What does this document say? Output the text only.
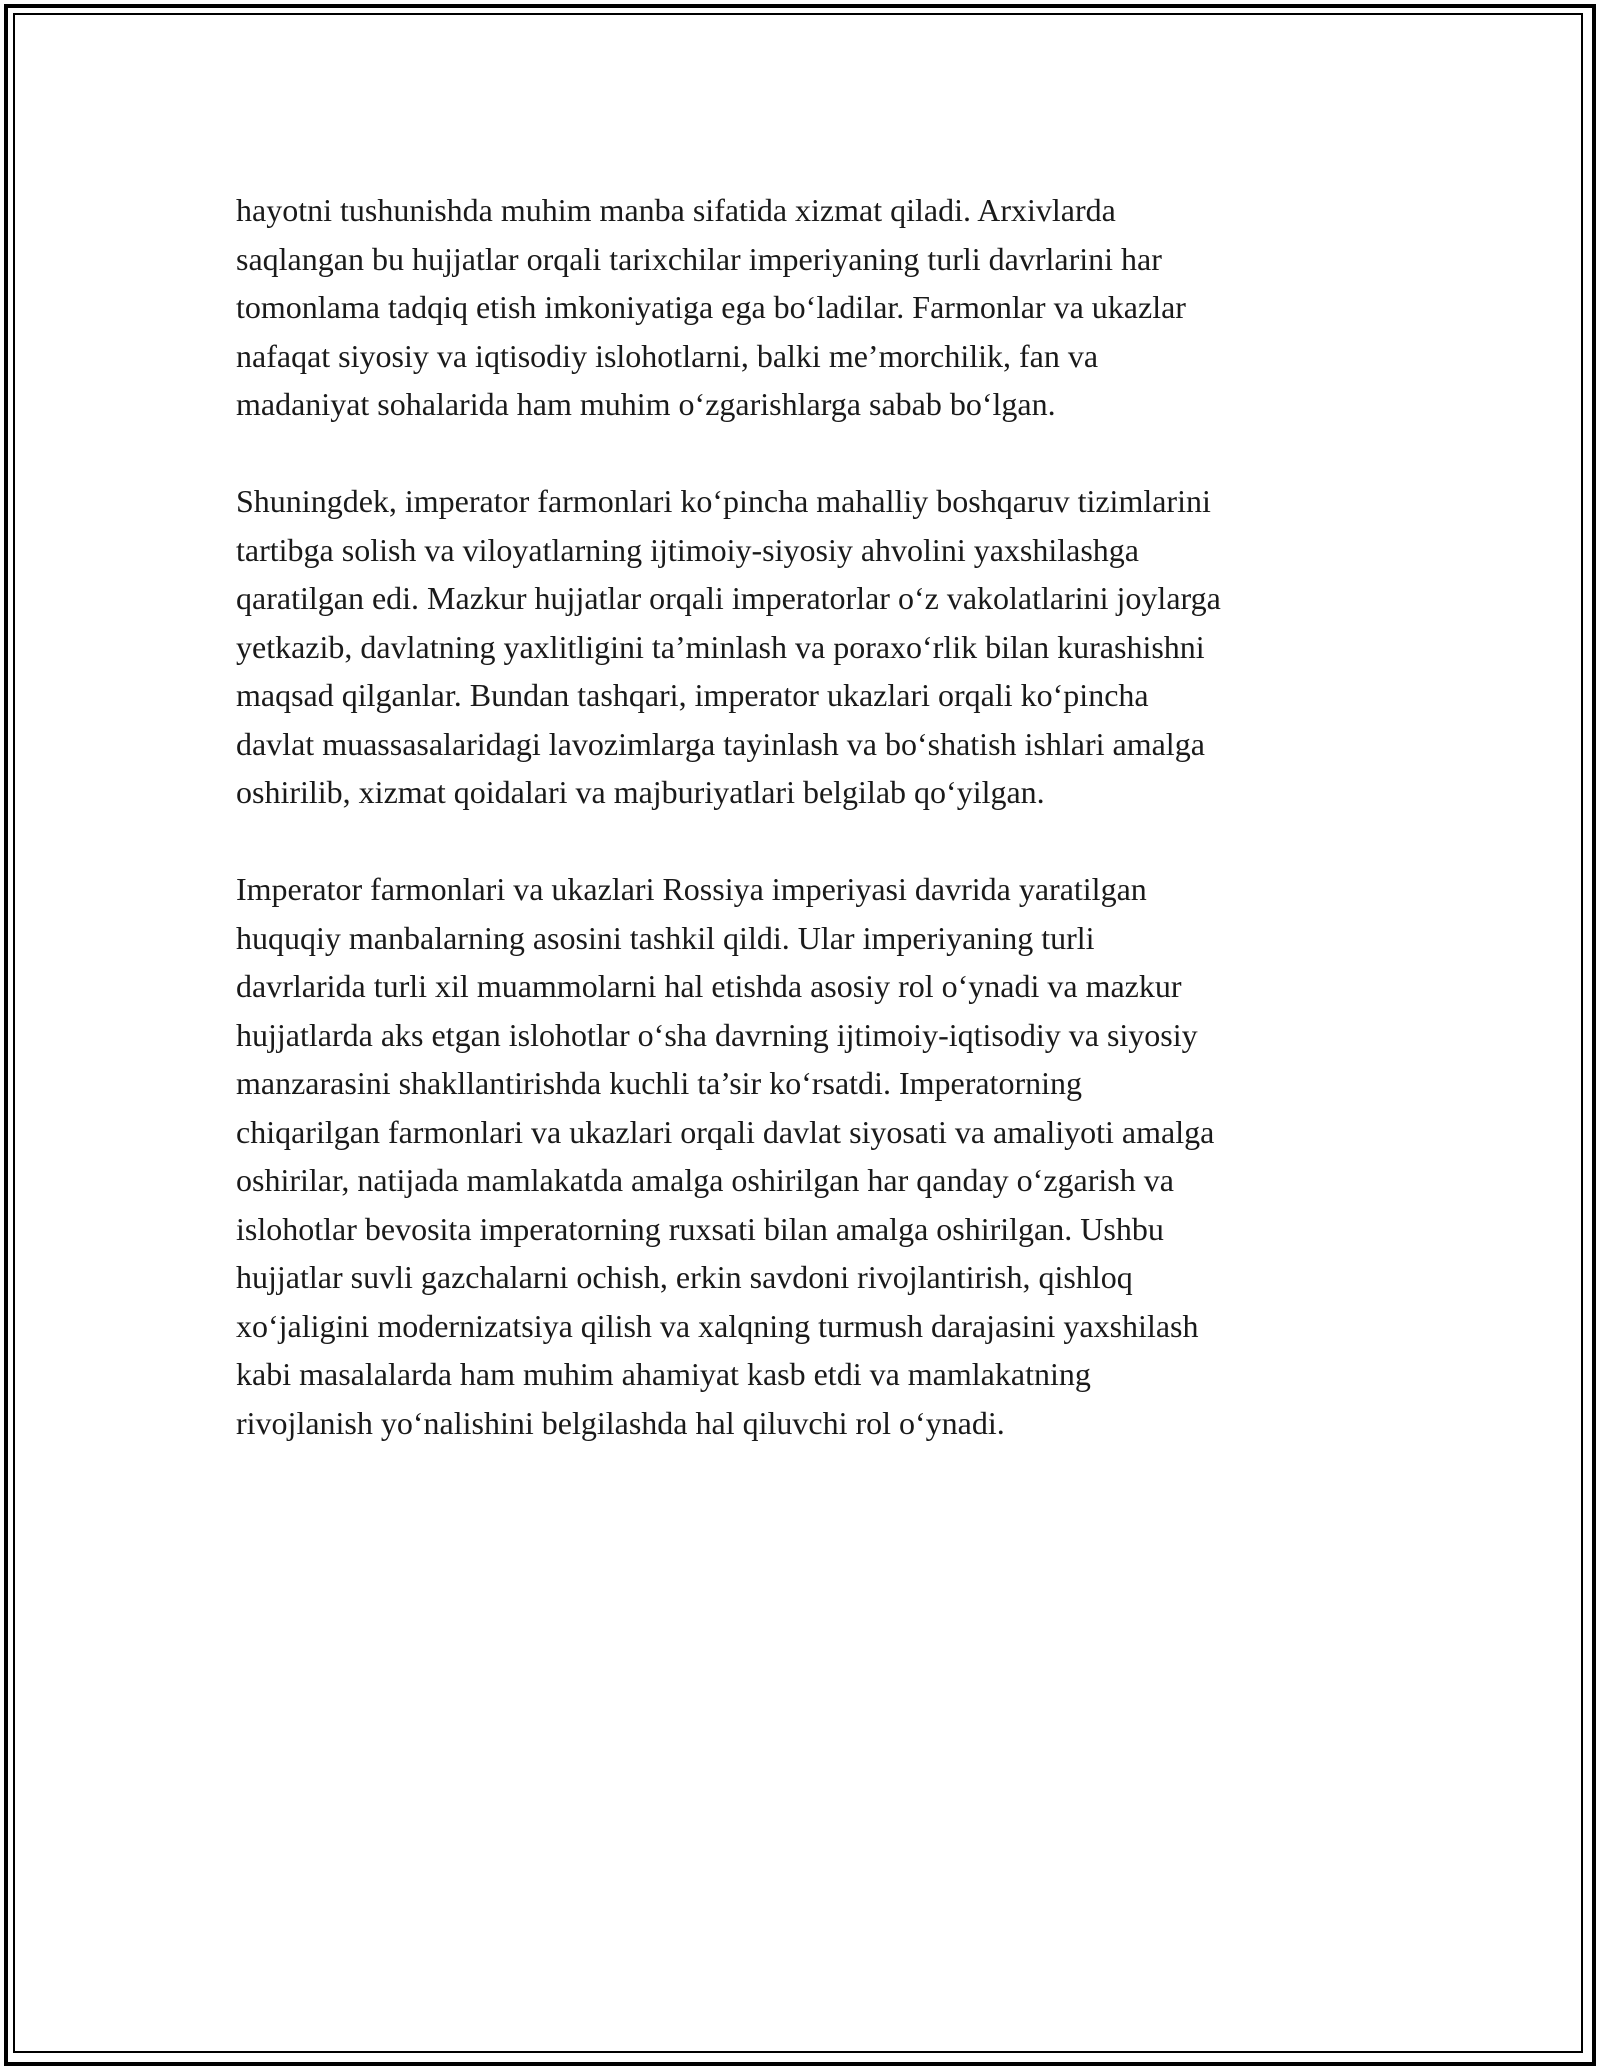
hayotni tushunishda muhim manba sifatida xizmat qiladi. Arxivlarda
saqlangan bu hujjatlar orqali tarixchilar imperiyaning turli davrlarini har
tomonlama tadqiq etish imkoniyatiga ega bo‘ladilar. Farmonlar va ukazlar
nafaqat siyosiy va iqtisodiy islohotlarni, balki me’morchilik, fan va
madaniyat sohalarida ham muhim o‘zgarishlarga sabab bo‘lgan.

Shuningdek, imperator farmonlari ko‘pincha mahalliy boshqaruv tizimlarini
tartibga solish va viloyatlarning ijtimoiy-siyosiy ahvolini yaxshilashga
qaratilgan edi. Mazkur hujjatlar orqali imperatorlar o‘z vakolatlarini joylarga
yetkazib, davlatning yaxlitligini ta’minlash va poraxo‘rlik bilan kurashishni
maqsad qilganlar. Bundan tashqari, imperator ukazlari orqali ko‘pincha
davlat muassasalaridagi lavozimlarga tayinlash va bo‘shatish ishlari amalga
oshirilib, xizmat qoidalari va majburiyatlari belgilab qo‘yilgan.

Imperator farmonlari va ukazlari Rossiya imperiyasi davrida yaratilgan
huquqiy manbalarning asosini tashkil qildi. Ular imperiyaning turli
davrlarida turli xil muammolarni hal etishda asosiy rol o‘ynadi va mazkur
hujjatlarda aks etgan islohotlar o‘sha davrning ijtimoiy-iqtisodiy va siyosiy
manzarasini shakllantirishda kuchli ta’sir ko‘rsatdi. Imperatorning
chiqarilgan farmonlari va ukazlari orqali davlat siyosati va amaliyoti amalga
oshirilar, natijada mamlakatda amalga oshirilgan har qanday o‘zgarish va
islohotlar bevosita imperatorning ruxsati bilan amalga oshirilgan. Ushbu
hujjatlar suvli gazchalarni ochish, erkin savdoni rivojlantirish, qishloq
xo‘jaligini modernizatsiya qilish va xalqning turmush darajasini yaxshilash
kabi masalalarda ham muhim ahamiyat kasb etdi va mamlakatning
rivojlanish yo‘nalishini belgilashda hal qiluvchi rol o‘ynadi.
